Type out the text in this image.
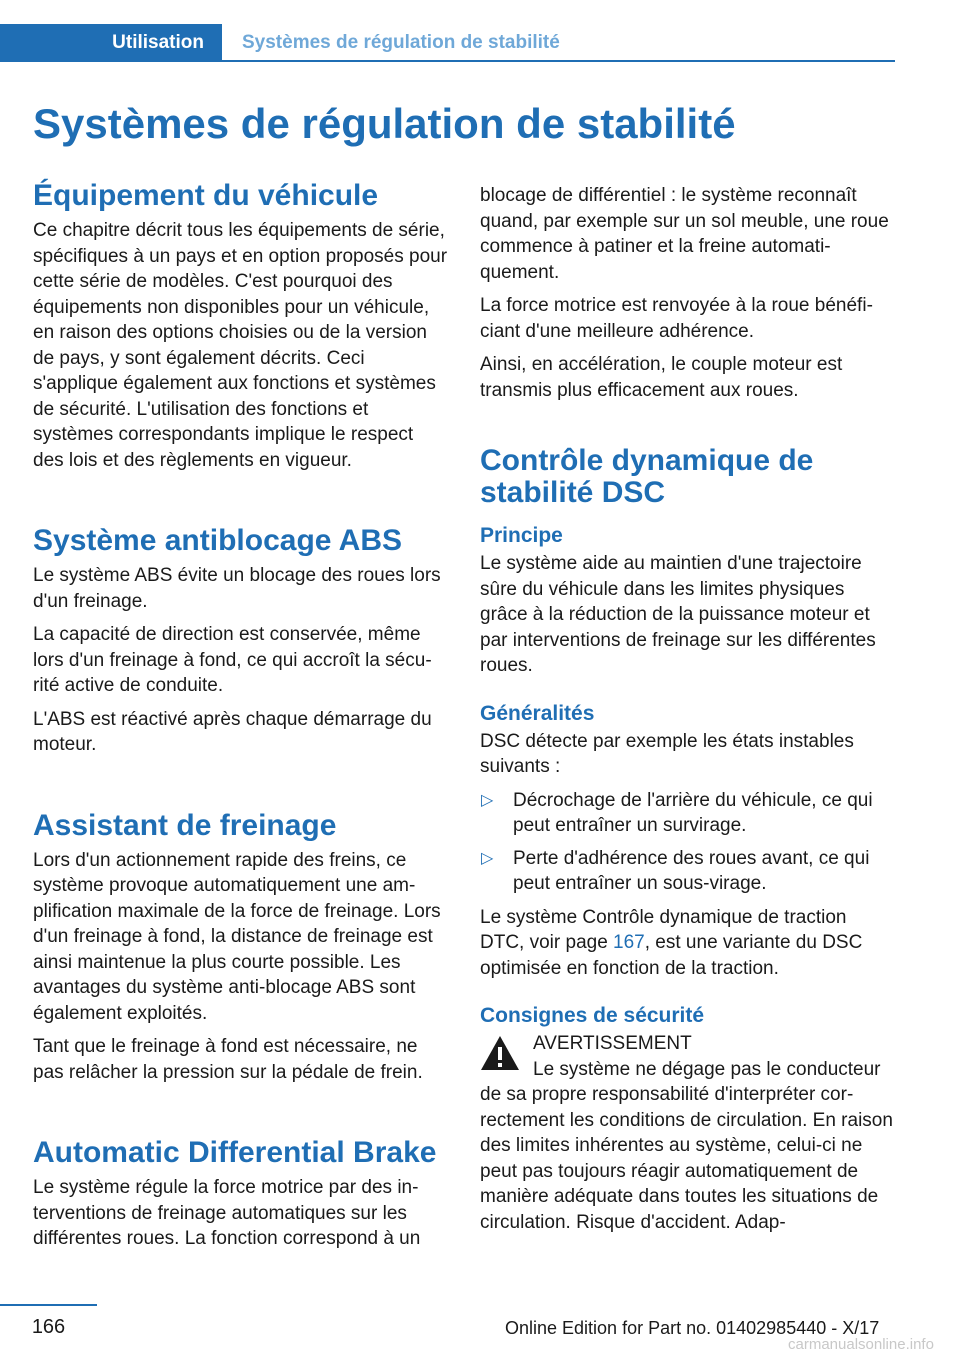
Utilisation	Systèmes de régulation de stabilité
Systèmes de régulation de stabilité
Équipement du véhicule

Ce chapitre décrit tous les équipements de série, spécifiques à un pays et en option proposés pour cette série de modèles. C'est pourquoi des équipements non disponibles pour un véhicule, en raison des options choisies ou de la version de pays, y sont également décrits. Ceci s'applique également aux fonctions et systèmes de sécurité. L'utilisation des fonctions et systèmes correspondants implique le respect des lois et des règlements en vigueur.

Système antiblocage ABS

Le système ABS évite un blocage des roues lors d'un freinage.

La capacité de direction est conservée, même lors d'un freinage à fond, ce qui accroît la sécurité active de conduite.

L'ABS est réactivé après chaque démarrage du moteur.

Assistant de freinage

Lors d'un actionnement rapide des freins, ce système provoque automatiquement une amplification maximale de la force de freinage. Lors d'un freinage à fond, la distance de freinage est ainsi maintenue la plus courte possible. Les avantages du système anti-blocage ABS sont également exploités.

Tant que le freinage à fond est nécessaire, ne pas relâcher la pression sur la pédale de frein.

Automatic Differential Brake

Le système régule la force motrice par des interventions de freinage automatiques sur les différentes roues. La fonction correspond à un

blocage de différentiel : le système reconnaît quand, par exemple sur un sol meuble, une roue commence à patiner et la freine automatiquement.

La force motrice est renvoyée à la roue bénéficiant d'une meilleure adhérence.

Ainsi, en accélération, le couple moteur est transmis plus efficacement aux roues.

Contrôle dynamique de stabilité DSC
Principe

Le système aide au maintien d'une trajectoire sûre du véhicule dans les limites physiques grâce à la réduction de la puissance moteur et par interventions de freinage sur les différentes roues.

Généralités

DSC détecte par exemple les états instables suivants :

▷ Décrochage de l'arrière du véhicule, ce qui peut entraîner un survirage.
▷ Perte d'adhérence des roues avant, ce qui peut entraîner un sous-virage.

Le système Contrôle dynamique de traction DTC, voir page 167, est une variante du DSC optimisée en fonction de la traction.

Consignes de sécurité

AVERTISSEMENT

Le système ne dégage pas le conducteur
de sa propre responsabilité d'interpréter correctement les conditions de circulation. En raison des limites inhérentes au système, celui-ci ne peut pas toujours réagir automatiquement de manière adéquate dans toutes les situations de circulation. Risque d'accident. Adap-

166	Online Edition for Part no. 01402985440 - X/17
carmanualsonline.info
